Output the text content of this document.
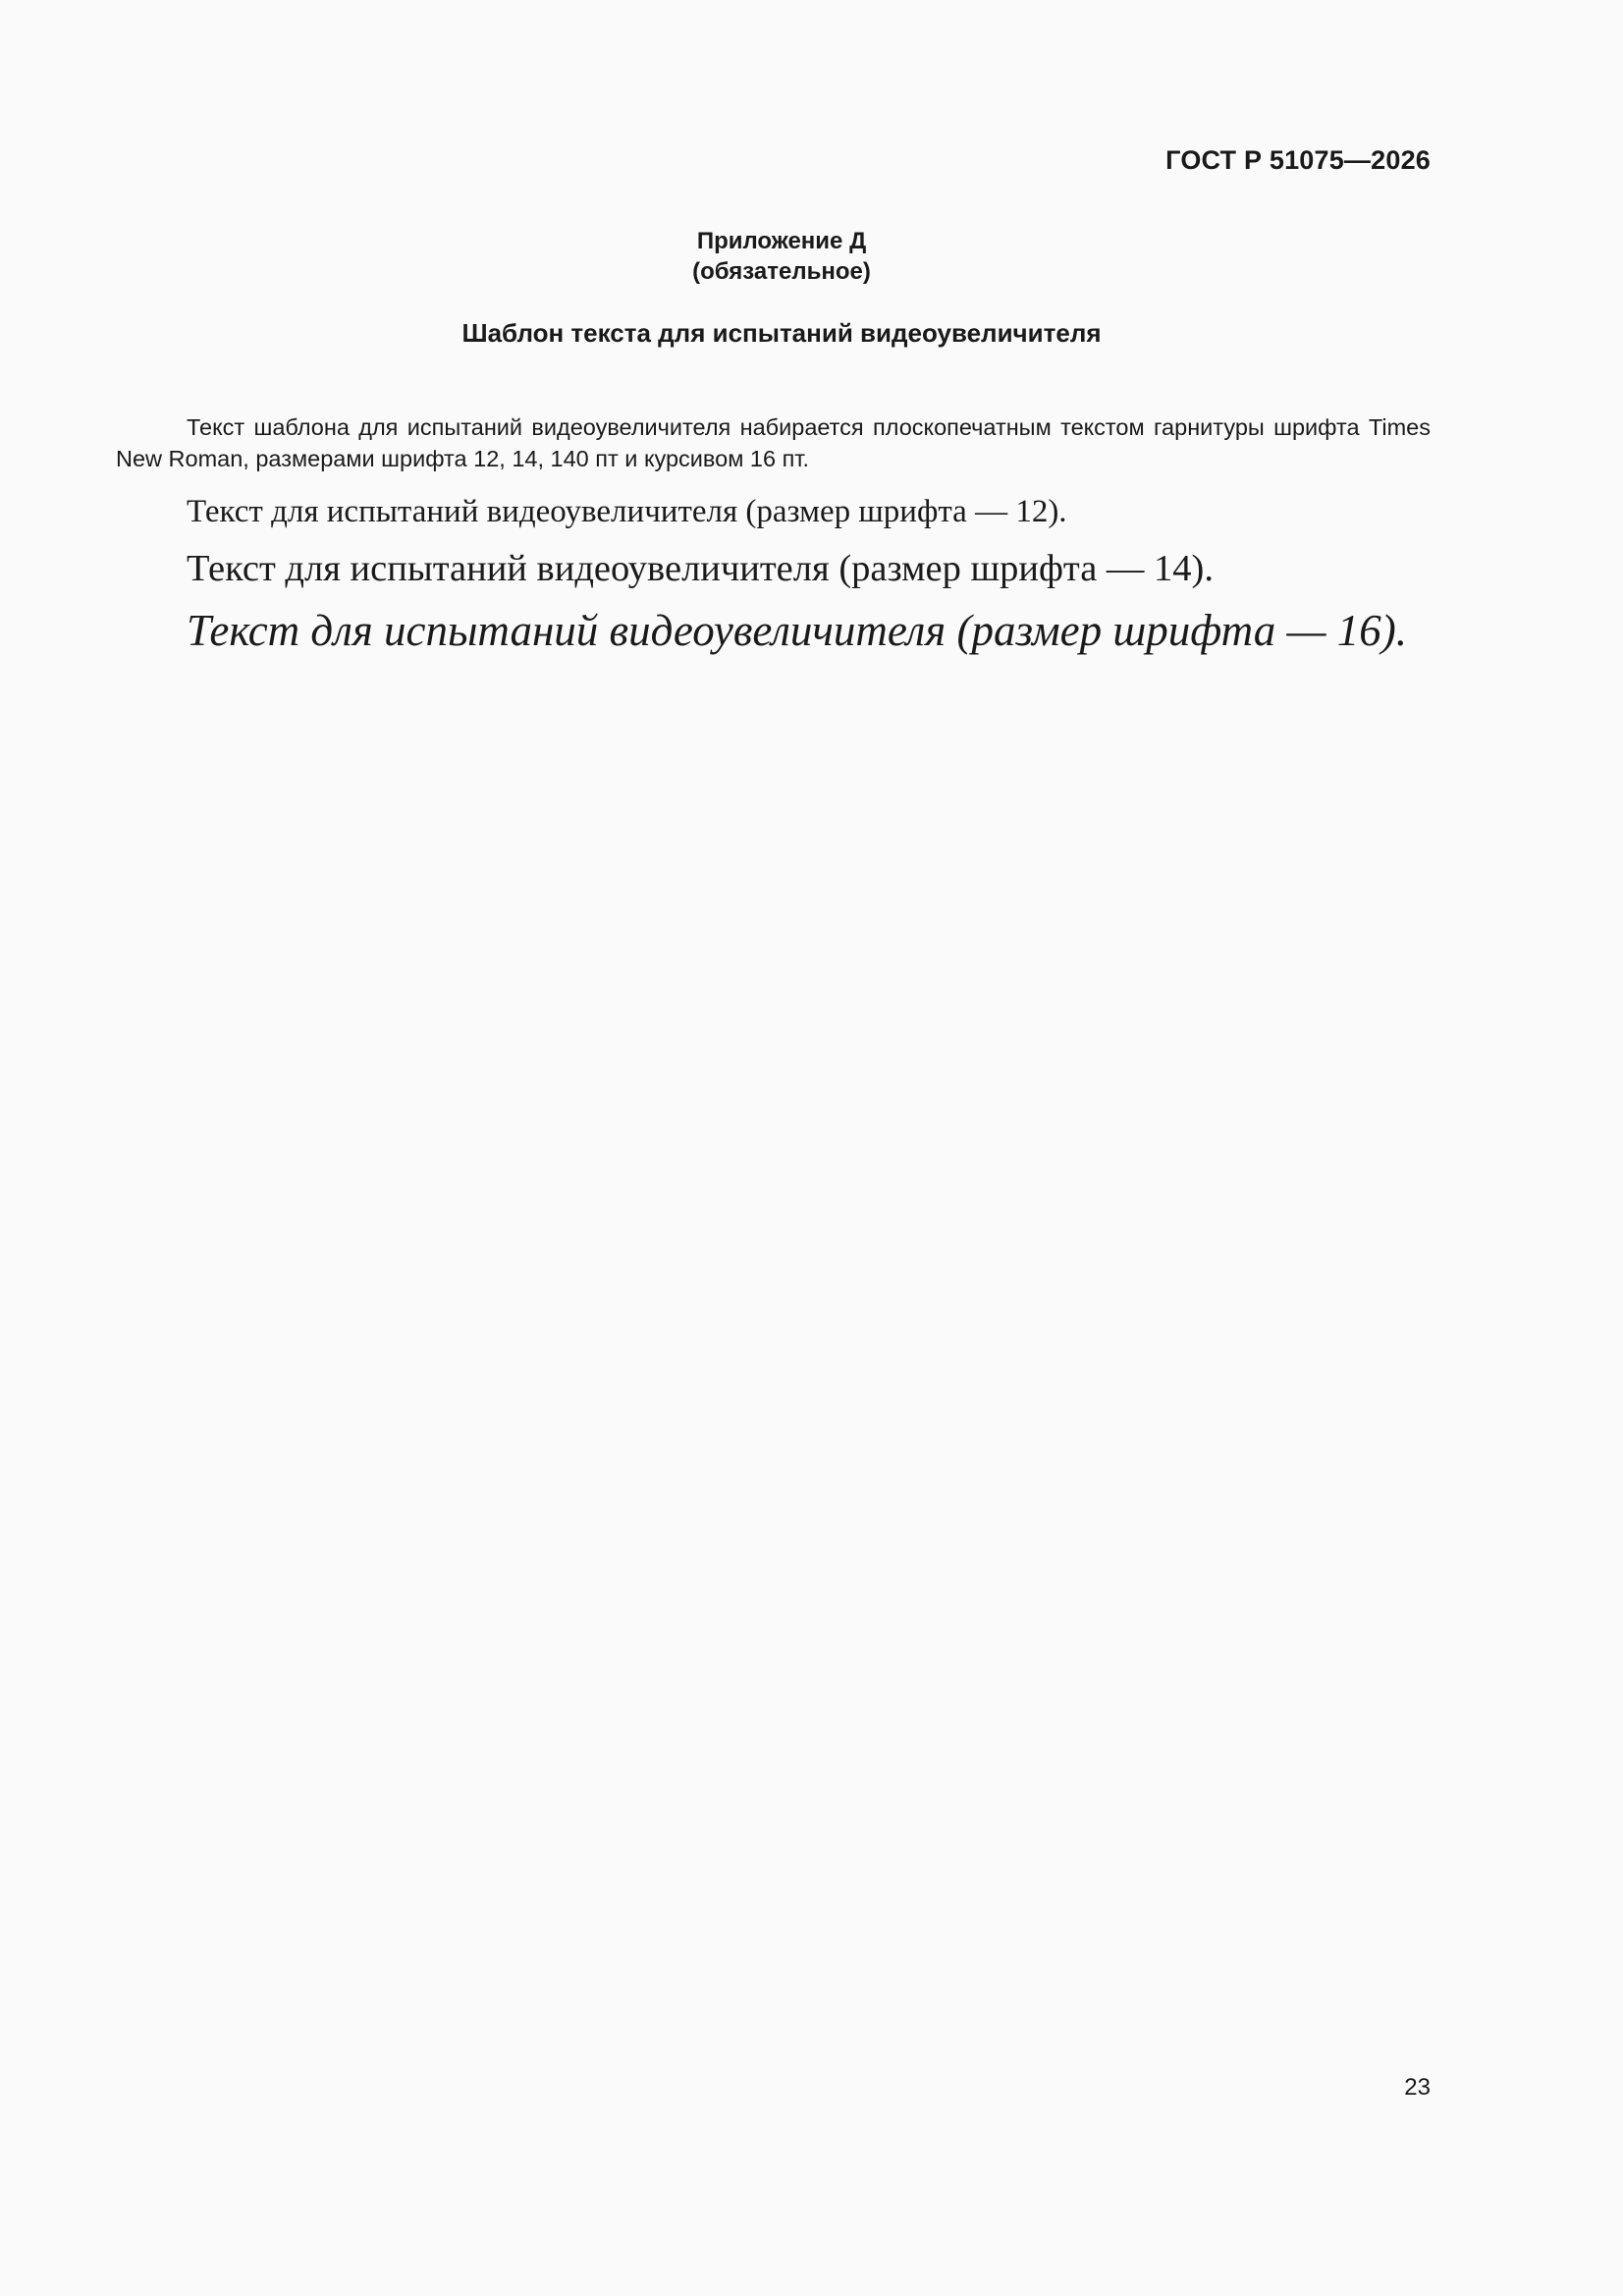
ГОСТ Р 51075—2026
Приложение Д
(обязательное)
Шаблон текста для испытаний видеоувеличителя
Текст шаблона для испытаний видеоувеличителя набирается плоскопечатным текстом гарнитуры шрифта Times New Roman, размерами шрифта 12, 14, 140 пт и курсивом 16 пт.
Текст для испытаний видеоувеличителя (размер шрифта — 12).
Текст для испытаний видеоувеличителя (размер шрифта — 14).
Текст для испытаний видеоувеличителя (размер шрифта — 16).
23
